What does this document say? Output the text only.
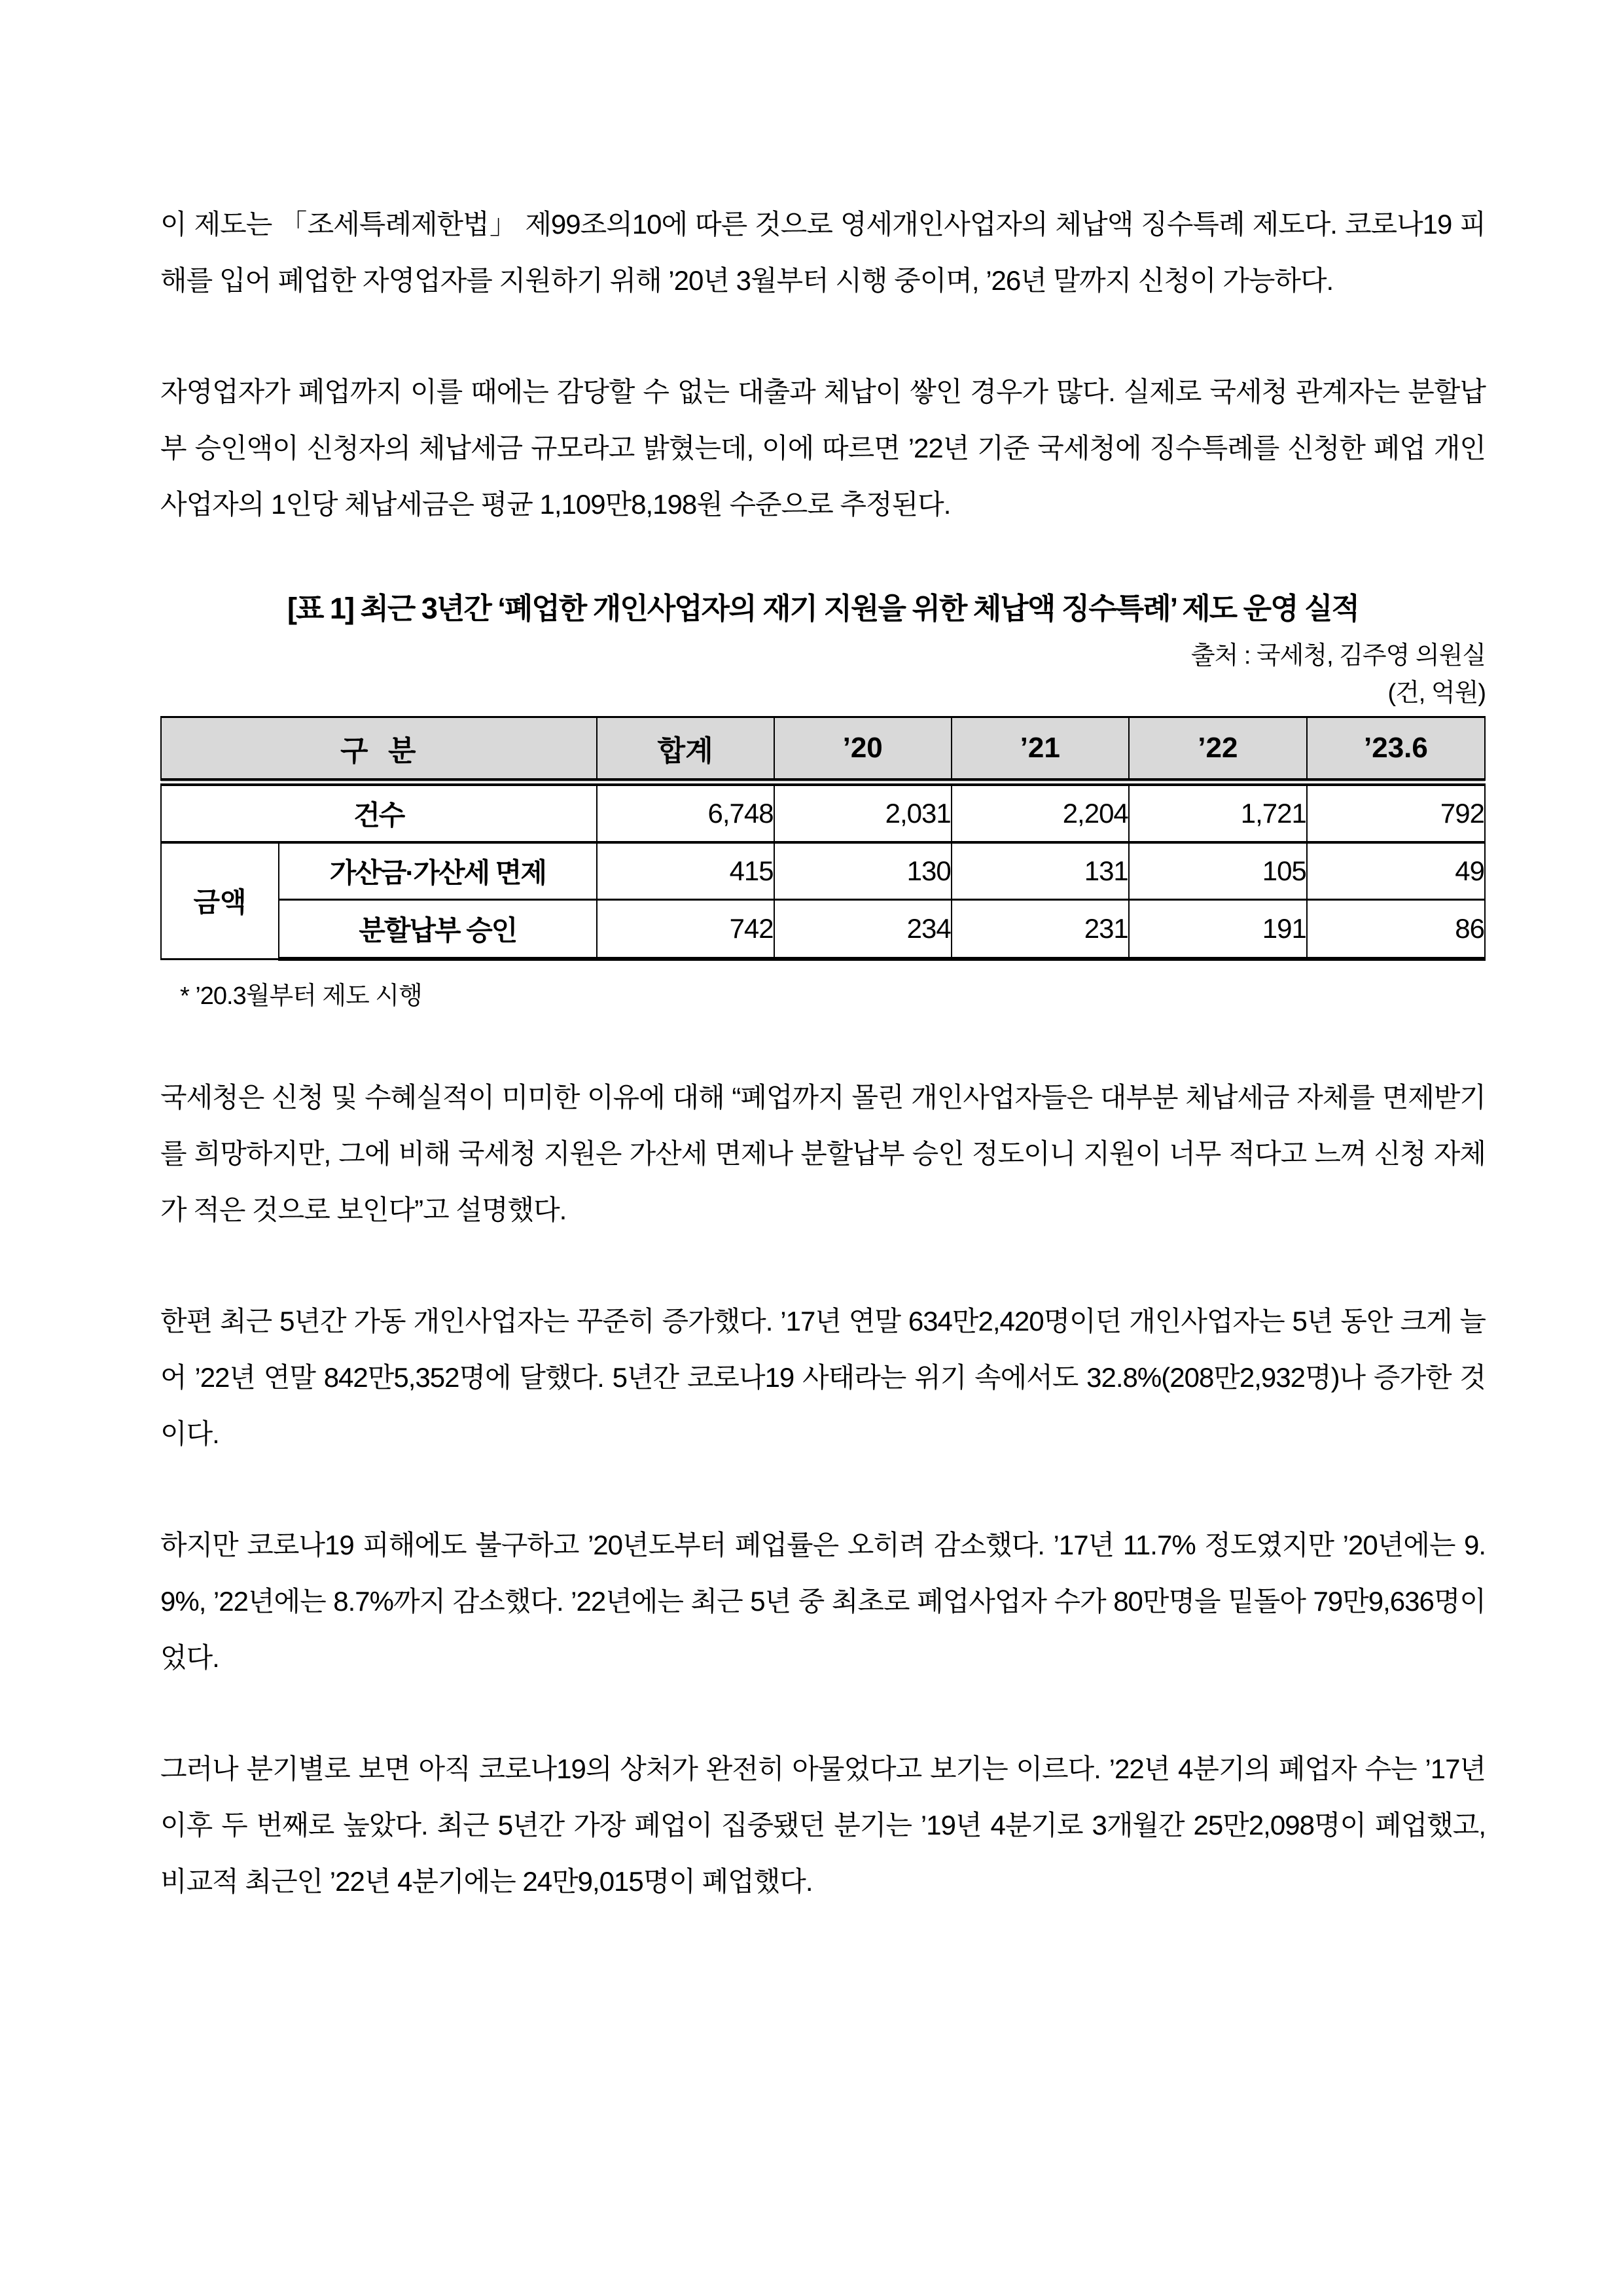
이 제도는 「조세특례제한법」 제99조의10에 따른 것으로 영세개인사업자의 체납액 징수특례 제도다. 코로나19 피해를 입어 폐업한 자영업자를 지원하기 위해 ’20년 3월부터 시행 중이며, ’26년 말까지 신청이 가능하다.

자영업자가 폐업까지 이를 때에는 감당할 수 없는 대출과 체납이 쌓인 경우가 많다. 실제로 국세청 관계자는 분할납부 승인액이 신청자의 체납세금 규모라고 밝혔는데, 이에 따르면 ’22년 기준 국세청에 징수특례를 신청한 폐업 개인사업자의 1인당 체납세금은 평균 1,109만8,198원 수준으로 추정된다.

[표 1] 최근 3년간 ‘폐업한 개인사업자의 재기 지원을 위한 체납액 징수특례’ 제도 운영 실적
출처 : 국세청, 김주영 의원실
(건, 억원)
구  분		합계	’20	’21	’22	’23.6
건수		6,748	2,031	2,204	1,721	792
금액	가산금·가산세 면제	415	130	131	105	49
	분할납부 승인	742	234	231	191	86
* ’20.3월부터 제도 시행

국세청은 신청 및 수혜실적이 미미한 이유에 대해 “폐업까지 몰린 개인사업자들은 대부분 체납세금 자체를 면제받기를 희망하지만, 그에 비해 국세청 지원은 가산세 면제나 분할납부 승인 정도이니 지원이 너무 적다고 느껴 신청 자체가 적은 것으로 보인다”고 설명했다.

한편 최근 5년간 가동 개인사업자는 꾸준히 증가했다. ’17년 연말 634만2,420명이던 개인사업자는 5년 동안 크게 늘어 ’22년 연말 842만5,352명에 달했다. 5년간 코로나19 사태라는 위기 속에서도 32.8%(208만2,932명)나 증가한 것이다.

하지만 코로나19 피해에도 불구하고 ’20년도부터 폐업률은 오히려 감소했다. ’17년 11.7% 정도였지만 ’20년에는 9.9%, ’22년에는 8.7%까지 감소했다. ’22년에는 최근 5년 중 최초로 폐업사업자 수가 80만명을 밑돌아 79만9,636명이었다.

그러나 분기별로 보면 아직 코로나19의 상처가 완전히 아물었다고 보기는 이르다. ’22년 4분기의 폐업자 수는 ’17년 이후 두 번째로 높았다. 최근 5년간 가장 폐업이 집중됐던 분기는 ’19년 4분기로 3개월간 25만2,098명이 폐업했고, 비교적 최근인 ’22년 4분기에는 24만9,015명이 폐업했다.
